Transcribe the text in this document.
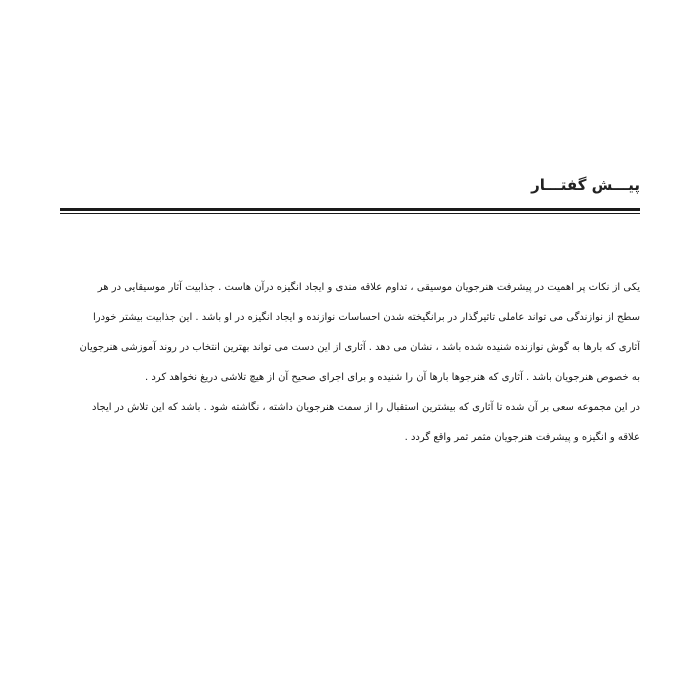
پیـــش گفتـــار
یکی از نکات پر اهمیت در پیشرفت هنرجویان موسیقی ، تداوم علاقه مندی و ایجاد انگیزه درآن هاست . جذابیت آثار موسیقایی در هر
سطح از نوازندگی می تواند عاملی تاثیرگذار در برانگیخته شدن احساسات نوازنده و ایجاد انگیزه در او باشد . این جذابیت بیشتر خودرا
آثاری که بارها به گوش نوازنده شنیده شده باشد ، نشان می دهد . آثاری از این دست می تواند بهترین انتخاب در روند آموزشی هنرجویان
به خصوص هنرجویان باشد . آثاری که هنرجوها بارها آن را شنیده و برای اجرای صحیح آن از هیچ تلاشی دریغ نخواهد کرد .
در این مجموعه سعی بر آن شده تا آثاری که بیشترین استقبال را از سمت هنرجویان داشته ، نگاشته شود . باشد که این تلاش در ایجاد
علاقه و انگیزه و پیشرفت هنرجویان مثمر ثمر واقع گردد .
